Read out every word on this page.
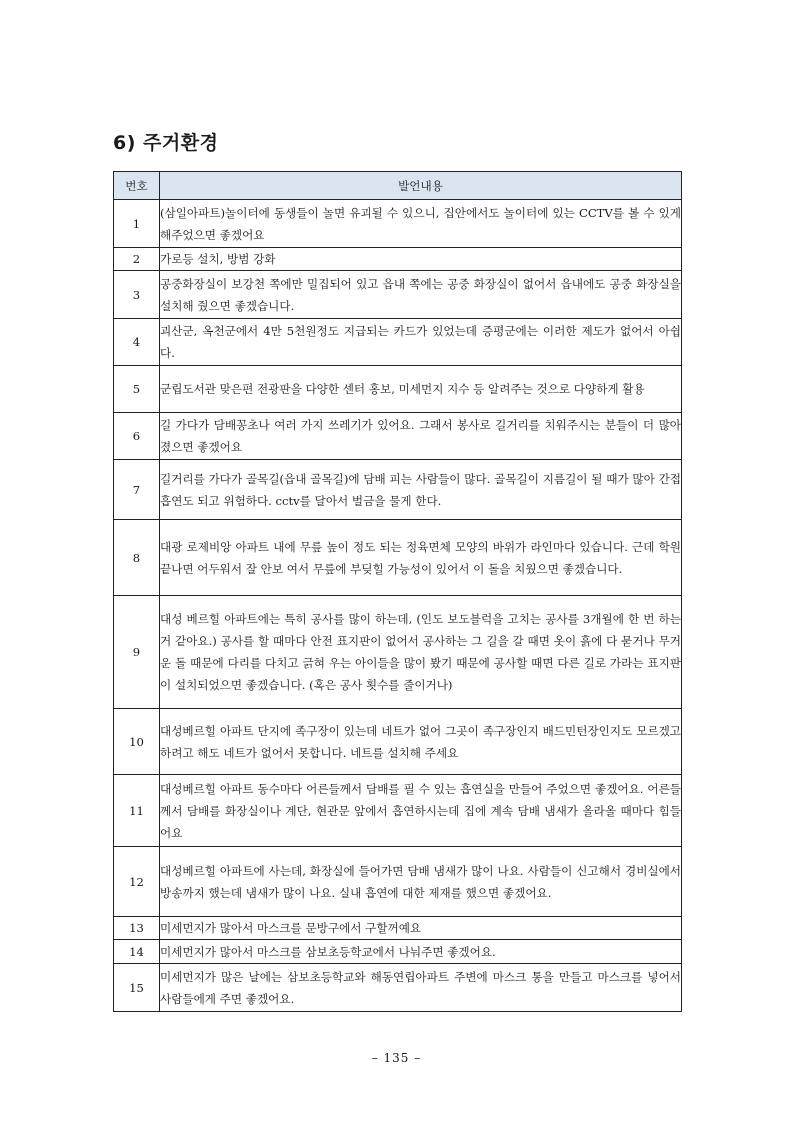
6) 주거환경
번호	발언내용
1	(삼일아파트)놀이터에 동생들이 놀면 유괴될 수 있으니, 집안에서도 놀이터에 있는 CCTV를 볼 수 있게 해주었으면 좋겠어요
2	가로등 설치, 방범 강화
3	공중화장실이 보강천 쪽에만 밀집되어 있고 읍내 쪽에는 공중 화장실이 없어서 읍내에도 공중 화장실을 설치해 줬으면 좋겠습니다.
4	괴산군, 옥천군에서 4만 5천원정도 지급되는 카드가 있었는데 증평군에는 이러한 제도가 없어서 아쉽다.
5	군립도서관 맞은편 전광판을 다양한 센터 홍보, 미세먼지 지수 등 알려주는 것으로 다양하게 활용
6	길 가다가 담배꽁초나 여러 가지 쓰레기가 있어요. 그래서 봉사로 길거리를 치워주시는 분들이 더 많아졌으면 좋겠어요
7	길거리를 가다가 골목길(읍내 골목길)에 담배 피는 사람들이 많다. 골목길이 지름길이 될 때가 많아 간접흡연도 되고 위험하다. cctv를 달아서 벌금을 물게 한다.
8	대광 로제비앙 아파트 내에 무릎 높이 정도 되는 정육면체 모양의 바위가 라인마다 있습니다. 근데 학원 끝나면 어두워서 잘 안보 여서 무릎에 부딪힐 가능성이 있어서 이 돌을 치웠으면 좋겠습니다.
9	대성 베르힐 아파트에는 특히 공사를 많이 하는데, (인도 보도블럭을 고치는 공사를 3개월에 한 번 하는 거 같아요.) 공사를 할 때마다 안전 표지판이 없어서 공사하는 그 길을 갈 때면 옷이 흙에 다 묻거나 무거운 돌 때문에 다리를 다치고 긁혀 우는 아이들을 많이 봤기 때문에 공사할 때면 다른 길로 가라는 표지판이 설치되었으면 좋겠습니다. (혹은 공사 횟수를 줄이거나)
10	대성베르힐 아파트 단지에 족구장이 있는데 네트가 없어 그곳이 족구장인지 배드민턴장인지도 모르겠고 하려고 해도 네트가 없어서 못합니다. 네트를 설치해 주세요
11	대성베르힐 아파트 동수마다 어른들께서 담배를 필 수 있는 흡연실을 만들어 주었으면 좋겠어요. 어른들께서 담배를 화장실이나 계단, 현관문 앞에서 흡연하시는데 집에 계속 담배 냄새가 올라올 때마다 힘들어요
12	대성베르힐 아파트에 사는데, 화장실에 들어가면 담배 냄새가 많이 나요. 사람들이 신고해서 경비실에서 방송까지 했는데 냄새가 많이 나요. 실내 흡연에 대한 제재를 했으면 좋겠어요.
13	미세먼지가 많아서 마스크를 문방구에서 구할꺼예요
14	미세먼지가 많아서 마스크를 삼보초등학교에서 나눠주면 좋겠어요.
15	미세먼지가 많은 날에는 삼보초등학교와 해동연립아파트 주변에 마스크 통을 만들고 마스크를 넣어서 사람들에게 주면 좋겠어요.
– 135 –
